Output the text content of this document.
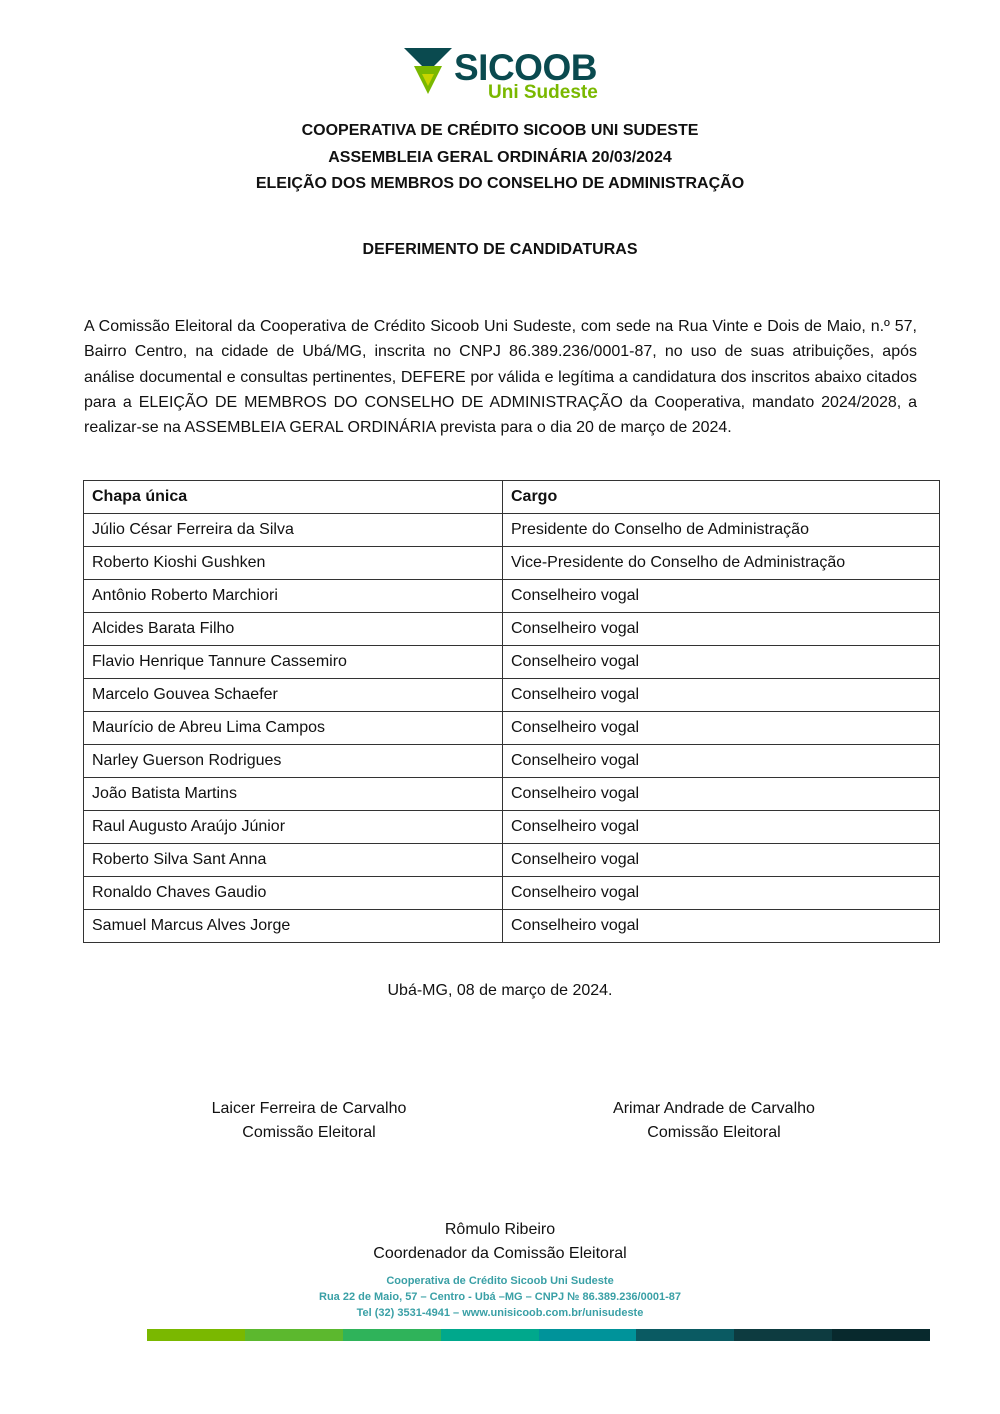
SICOOB
Uni Sudeste
COOPERATIVA DE CRÉDITO SICOOB UNI SUDESTE
ASSEMBLEIA GERAL ORDINÁRIA 20/03/2024
ELEIÇÃO DOS MEMBROS DO CONSELHO DE ADMINISTRAÇÃO
DEFERIMENTO DE CANDIDATURAS
A Comissão Eleitoral da Cooperativa de Crédito Sicoob Uni Sudeste, com sede na Rua Vinte e Dois de Maio, n.º 57, Bairro Centro, na cidade de Ubá/MG, inscrita no CNPJ 86.389.236/0001-87, no uso de suas atribuições, após análise documental e consultas pertinentes, DEFERE por válida e legítima a candidatura dos inscritos abaixo citados para a ELEIÇÃO DE MEMBROS DO CONSELHO DE ADMINISTRAÇÃO da Cooperativa, mandato 2024/2028, a realizar-se na ASSEMBLEIA GERAL ORDINÁRIA prevista para o dia 20 de março de 2024.
Chapa única	Cargo
Júlio César Ferreira da Silva	Presidente do Conselho de Administração
Roberto Kioshi Gushken	Vice-Presidente do Conselho de Administração
Antônio Roberto Marchiori	Conselheiro vogal
Alcides Barata Filho	Conselheiro vogal
Flavio Henrique Tannure Cassemiro	Conselheiro vogal
Marcelo Gouvea Schaefer	Conselheiro vogal
Maurício de Abreu Lima Campos	Conselheiro vogal
Narley Guerson Rodrigues	Conselheiro vogal
João Batista Martins	Conselheiro vogal
Raul Augusto Araújo Júnior	Conselheiro vogal
Roberto Silva Sant Anna	Conselheiro vogal
Ronaldo Chaves Gaudio	Conselheiro vogal
Samuel Marcus Alves Jorge	Conselheiro vogal
Ubá-MG, 08 de março de 2024.
Laicer Ferreira de Carvalho
Comissão Eleitoral
Arimar Andrade de Carvalho
Comissão Eleitoral
Rômulo Ribeiro
Coordenador da Comissão Eleitoral
Cooperativa de Crédito Sicoob Uni Sudeste
Rua 22 de Maio, 57 – Centro - Ubá –MG – CNPJ № 86.389.236/0001-87
Tel (32) 3531-4941 – www.unisicoob.com.br/unisudeste
